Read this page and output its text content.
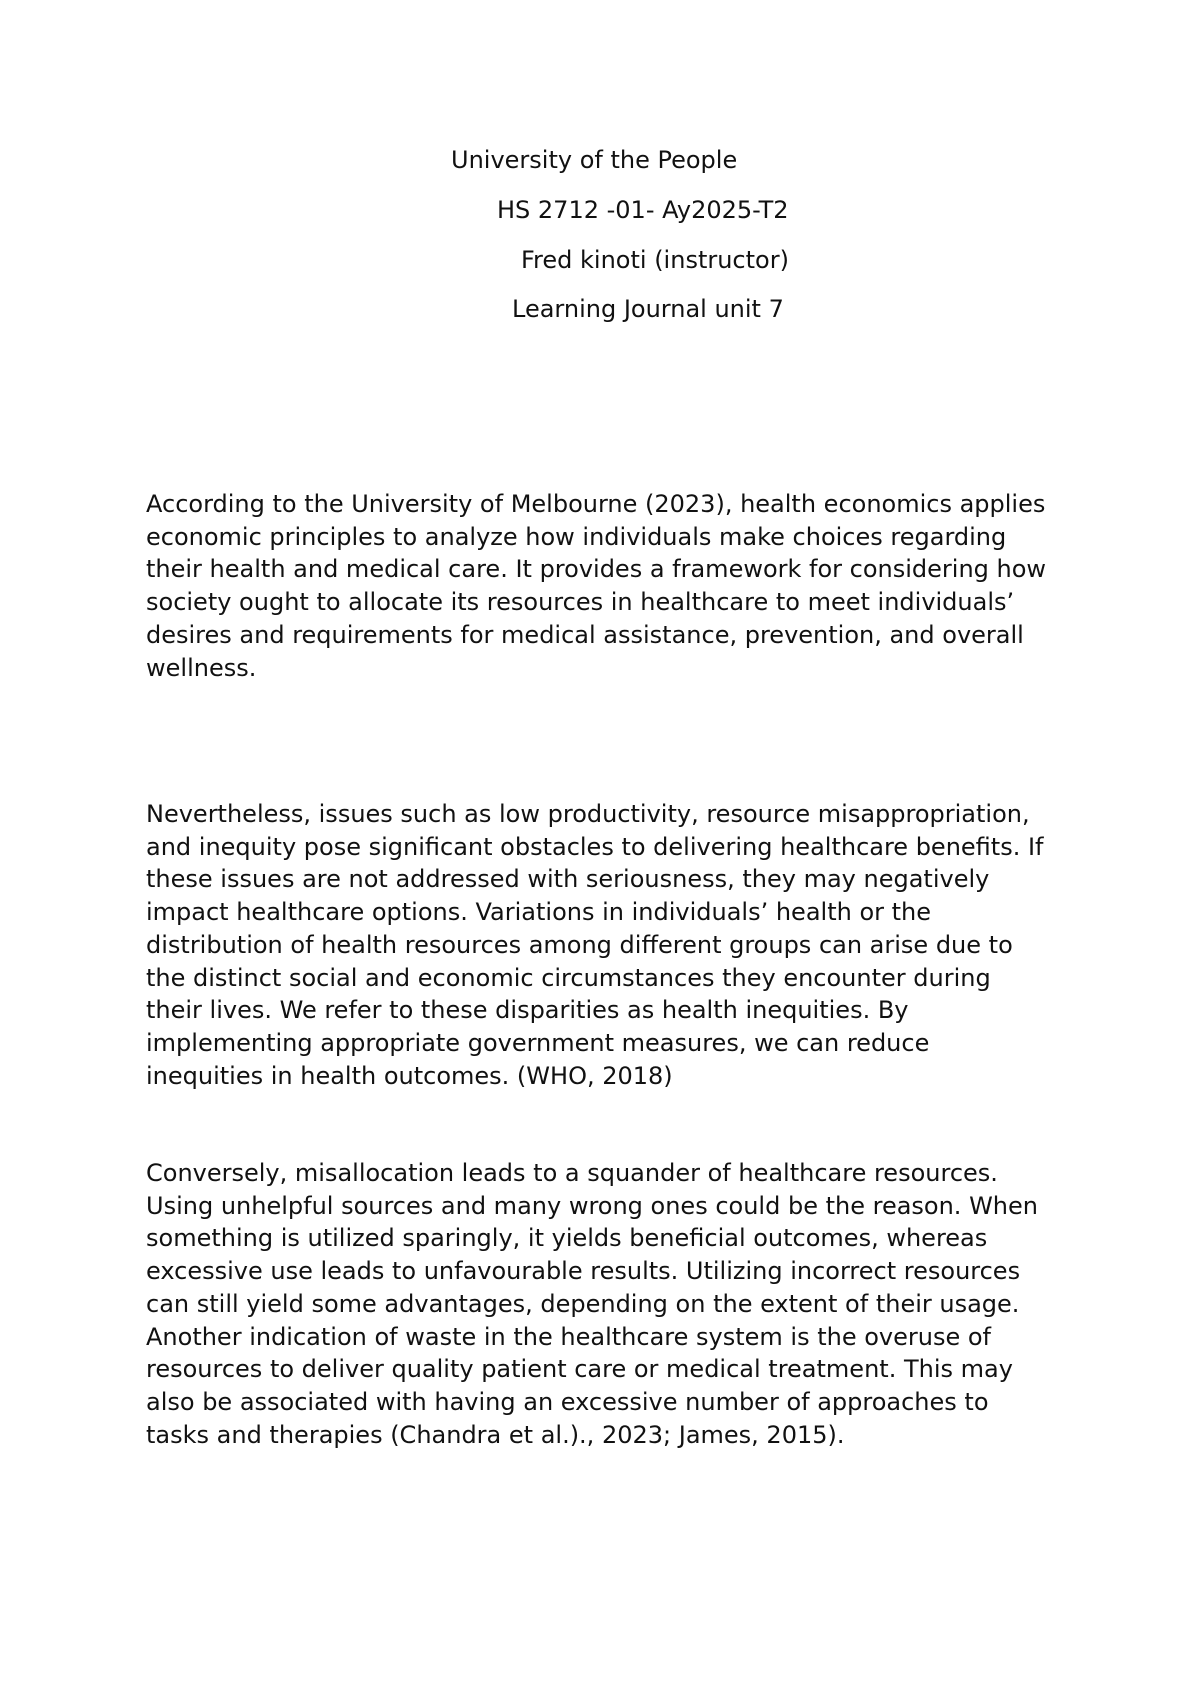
University of the People
HS 2712 -01- Ay2025-T2
Fred kinoti (instructor)
Learning Journal unit 7

According to the University of Melbourne (2023), health economics applies
economic principles to analyze how individuals make choices regarding
their health and medical care. It provides a framework for considering how
society ought to allocate its resources in healthcare to meet individuals’
desires and requirements for medical assistance, prevention, and overall
wellness.

Nevertheless, issues such as low productivity, resource misappropriation,
and inequity pose significant obstacles to delivering healthcare benefits. If
these issues are not addressed with seriousness, they may negatively
impact healthcare options. Variations in individuals’ health or the
distribution of health resources among different groups can arise due to
the distinct social and economic circumstances they encounter during
their lives. We refer to these disparities as health inequities. By
implementing appropriate government measures, we can reduce
inequities in health outcomes. (WHO, 2018)

Conversely, misallocation leads to a squander of healthcare resources.
Using unhelpful sources and many wrong ones could be the reason. When
something is utilized sparingly, it yields beneficial outcomes, whereas
excessive use leads to unfavourable results. Utilizing incorrect resources
can still yield some advantages, depending on the extent of their usage.
Another indication of waste in the healthcare system is the overuse of
resources to deliver quality patient care or medical treatment. This may
also be associated with having an excessive number of approaches to
tasks and therapies (Chandra et al.)., 2023; James, 2015).
